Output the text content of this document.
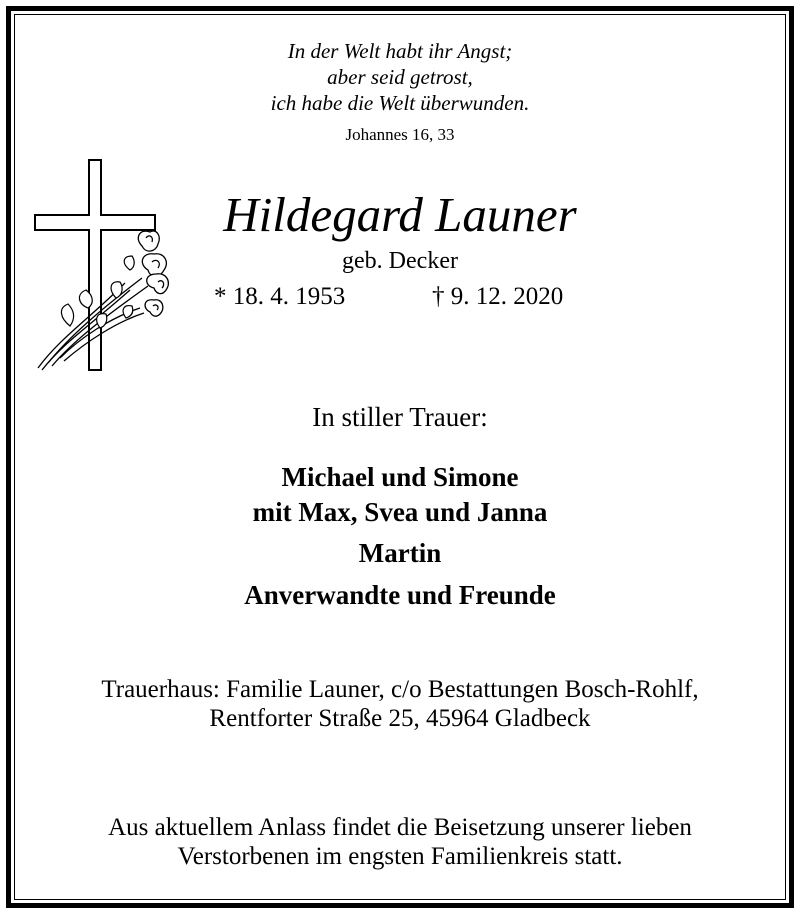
In der Welt habt ihr Angst;
aber seid getrost,
ich habe die Welt überwunden.
Johannes 16, 33
Hildegard Launer
geb. Decker
* 18. 4. 1953	† 9. 12. 2020
In stiller Trauer:
Michael und Simone
mit Max, Svea und Janna
Martin
Anverwandte und Freunde
Trauerhaus: Familie Launer, c/o Bestattungen Bosch-Rohlf,
Rentforter Straße 25, 45964 Gladbeck
Aus aktuellem Anlass findet die Beisetzung unserer lieben
Verstorbenen im engsten Familienkreis statt.
